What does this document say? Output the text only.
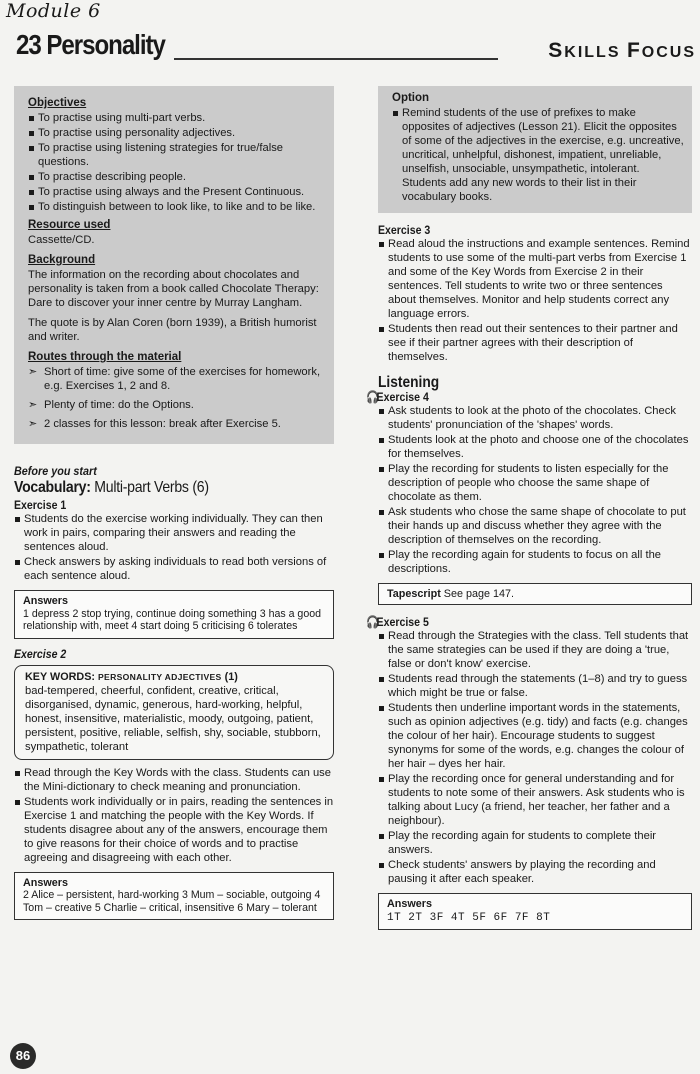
Module 6
23 Personality	SKILLS FOCUS
Objectives
To practise using multi-part verbs.
To practise using personality adjectives.
To practise using listening strategies for true/false questions.
To practise describing people.
To practise using always and the Present Continuous.
To distinguish between to look like, to like and to be like.
Resource used

Cassette/CD.

Background

The information on the recording about chocolates and personality is taken from a book called Chocolate Therapy: Dare to discover your inner centre by Murray Langham.

The quote is by Alan Coren (born 1939), a British humorist and writer.

Routes through the material
➣ Short of time: give some of the exercises for homework, e.g. Exercises 1, 2 and 8.
➣ Plenty of time: do the Options.
➣ 2 classes for this lesson: break after Exercise 5.
Before you start
Vocabulary: Multi-part Verbs (6)
Exercise 1
Students do the exercise working individually. They can then work in pairs, comparing their answers and reading the sentences aloud.
Check answers by asking individuals to read both versions of each sentence aloud.
Answers
1 depress 2 stop trying, continue doing something 3 has a good relationship with, meet 4 start doing 5 criticising 6 tolerates
Exercise 2
KEY WORDS: PERSONALITY ADJECTIVES (1)
bad-tempered, cheerful, confident, creative, critical, disorganised, dynamic, generous, hard-working, helpful, honest, insensitive, materialistic, moody, outgoing, patient, persistent, positive, reliable, selfish, shy, sociable, stubborn, sympathetic, tolerant
Read through the Key Words with the class. Students can use the Mini-dictionary to check meaning and pronunciation.
Students work individually or in pairs, reading the sentences in Exercise 1 and matching the people with the Key Words. If students disagree about any of the answers, encourage them to give reasons for their choice of words and to practise agreeing and disagreeing with each other.
Answers
2 Alice – persistent, hard-working 3 Mum – sociable, outgoing 4 Tom – creative 5 Charlie – critical, insensitive 6 Mary – tolerant
Option
Remind students of the use of prefixes to make opposites of adjectives (Lesson 21). Elicit the opposites of some of the adjectives in the exercise, e.g. uncreative, uncritical, unhelpful, dishonest, impatient, unreliable, unselfish, unsociable, unsympathetic, intolerant. Students add any new words to their list in their vocabulary books.
Exercise 3
Read aloud the instructions and example sentences. Remind students to use some of the multi-part verbs from Exercise 1 and some of the Key Words from Exercise 2 in their sentences. Tell students to write two or three sentences about themselves. Monitor and help students correct any language errors.
Students then read out their sentences to their partner and see if their partner agrees with their description of themselves.
Listening
🎧Exercise 4
Ask students to look at the photo of the chocolates. Check students' pronunciation of the 'shapes' words.
Students look at the photo and choose one of the chocolates for themselves.
Play the recording for students to listen especially for the description of people who choose the same shape of chocolate as them.
Ask students who chose the same shape of chocolate to put their hands up and discuss whether they agree with the description of themselves on the recording.
Play the recording again for students to focus on all the descriptions.
Tapescript See page 147.
🎧Exercise 5
Read through the Strategies with the class. Tell students that the same strategies can be used if they are doing a 'true, false or don't know' exercise.
Students read through the statements (1–8) and try to guess which might be true or false.
Students then underline important words in the statements, such as opinion adjectives (e.g. tidy) and facts (e.g. changes the colour of her hair). Encourage students to suggest synonyms for some of the words, e.g. changes the colour of her hair – dyes her hair.
Play the recording once for general understanding and for students to note some of their answers. Ask students who is talking about Lucy (a friend, her teacher, her father and a neighbour).
Play the recording again for students to complete their answers.
Check students' answers by playing the recording and pausing it after each speaker.
Answers
1T 2T 3F 4T 5F 6F 7F 8T
86
